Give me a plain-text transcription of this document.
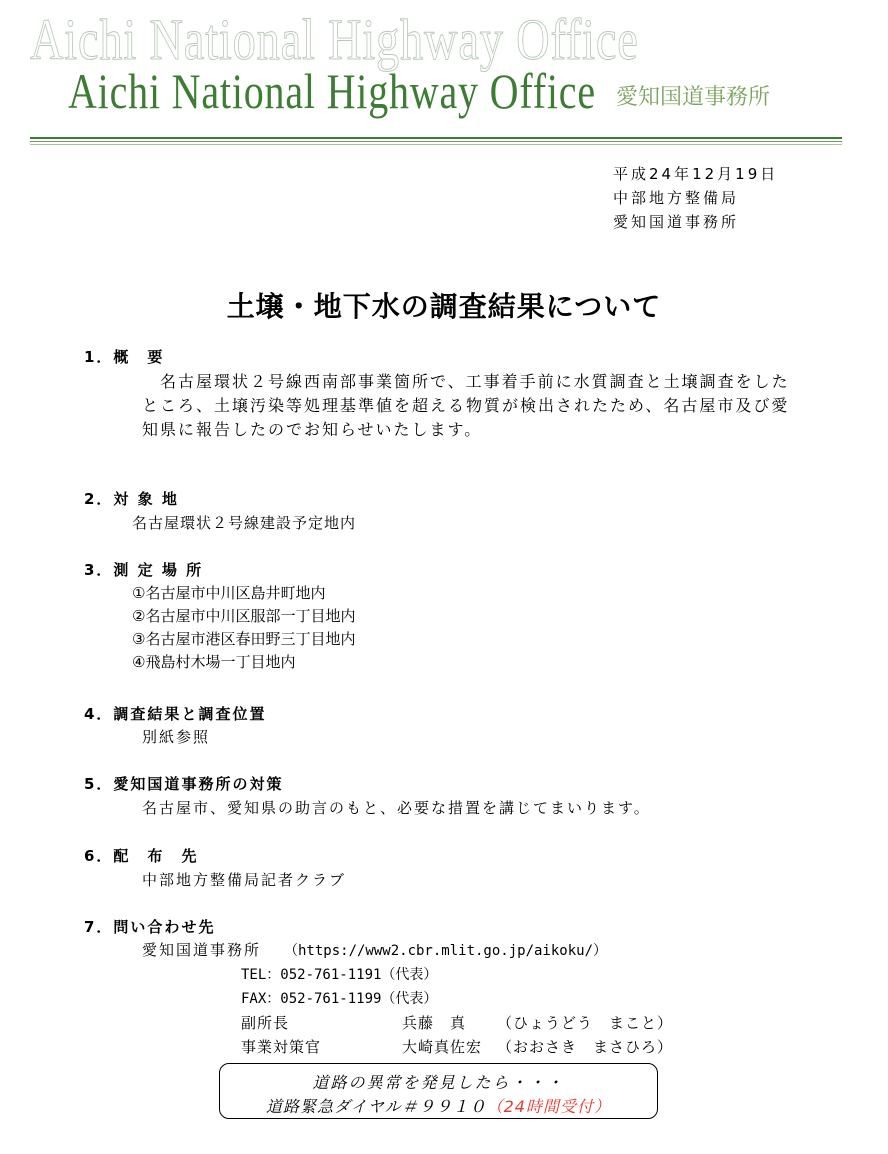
Aichi National Highway Office
Aichi National Highway Office 愛知国道事務所
平成24年12月19日
中部地方整備局
愛知国道事務所
土壌・地下水の調査結果について
1．概　要
名古屋環状２号線西南部事業箇所で、工事着手前に水質調査と土壌調査をしたところ、土壌汚染等処理基準値を超える物質が検出されたため、名古屋市及び愛知県に報告したのでお知らせいたします。
2．対 象 地
名古屋環状２号線建設予定地内
3．測 定 場 所
①名古屋市中川区島井町地内
②名古屋市中川区服部一丁目地内
③名古屋市港区春田野三丁目地内
④飛島村木場一丁目地内
4．調査結果と調査位置
別紙参照
5．愛知国道事務所の対策
名古屋市、愛知県の助言のもと、必要な措置を講じてまいります。
6．配　布　先
中部地方整備局記者クラブ
7．問い合わせ先
愛知国道事務所 （https://www2.cbr.mlit.go.jp/aikoku/）
TEL：052-761-1191（代表）
FAX：052-761-1199（代表）
副所長	兵藤　真 （ひょうどう　まこと）
事業対策官	大崎真佐宏 （おおさき　まさひろ）
道路の異常を発見したら・・・
道路緊急ダイヤル＃９９１０（24時間受付）
